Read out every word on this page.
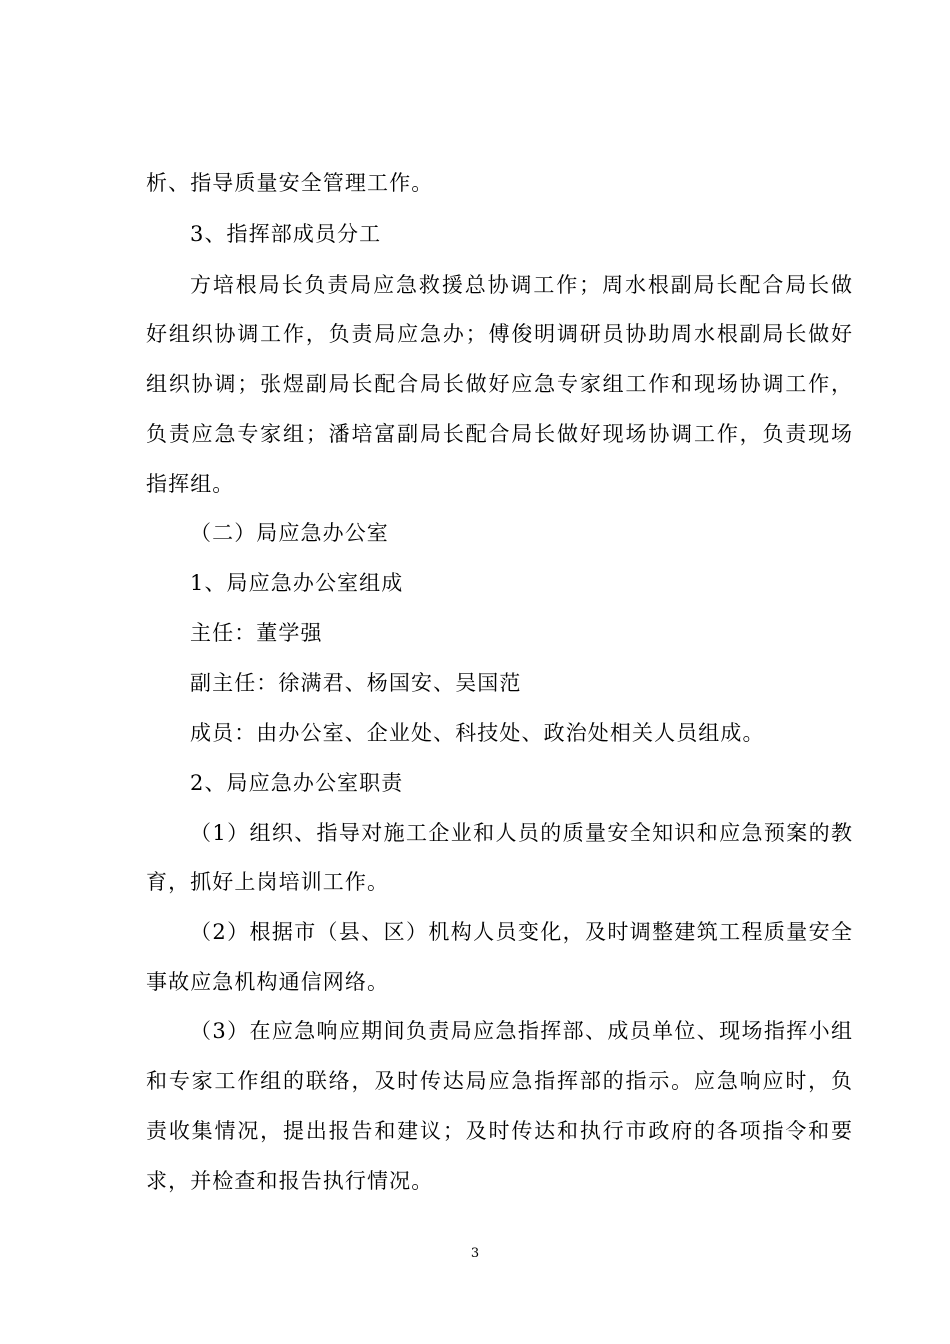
析、指导质量安全管理工作。
3、指挥部成员分工
方培根局长负责局应急救援总协调工作；周水根副局长配合局长做
好组织协调工作，负责局应急办；傅俊明调研员协助周水根副局长做好
组织协调；张煜副局长配合局长做好应急专家组工作和现场协调工作，
负责应急专家组；潘培富副局长配合局长做好现场协调工作，负责现场
指挥组。
（二）局应急办公室
1、局应急办公室组成
主任：董学强
副主任：徐满君、杨国安、吴国范
成员：由办公室、企业处、科技处、政治处相关人员组成。
2、局应急办公室职责
（1）组织、指导对施工企业和人员的质量安全知识和应急预案的教
育，抓好上岗培训工作。
（2）根据市（县、区）机构人员变化，及时调整建筑工程质量安全
事故应急机构通信网络。
（3）在应急响应期间负责局应急指挥部、成员单位、现场指挥小组
和专家工作组的联络，及时传达局应急指挥部的指示。应急响应时，负
责收集情况，提出报告和建议；及时传达和执行市政府的各项指令和要
求，并检查和报告执行情况。
3
